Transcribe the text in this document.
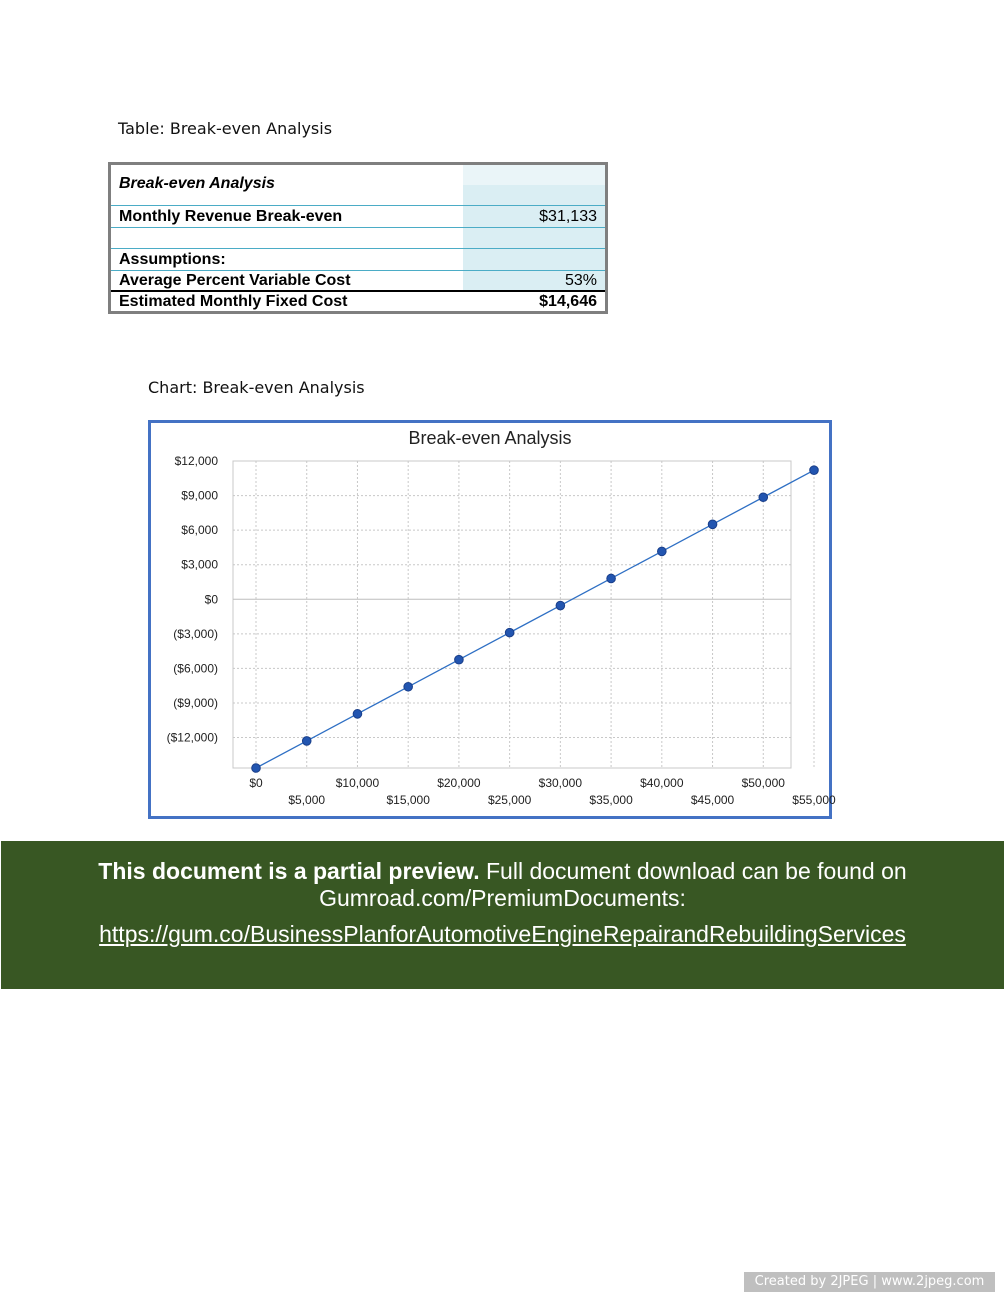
Table: Break-even Analysis
Break-even Analysis
Monthly Revenue Break-even	$31,133
Assumptions:
Average Percent Variable Cost	53%
Estimated Monthly Fixed Cost	$14,646
Chart: Break-even Analysis
Break-even Analysis
$12,000
$9,000
$6,000
$3,000
$0
($3,000)
($6,000)
($9,000)
($12,000)
$0
$5,000
$10,000
$15,000
$20,000
$25,000
$30,000
$35,000
$40,000
$45,000
$50,000
$55,000
This document is a partial preview. Full document download can be found on
Gumroad.com/PremiumDocuments:
https://gum.co/BusinessPlanforAutomotiveEngineRepairandRebuildingServices
Created by 2JPEG | www.2jpeg.com
